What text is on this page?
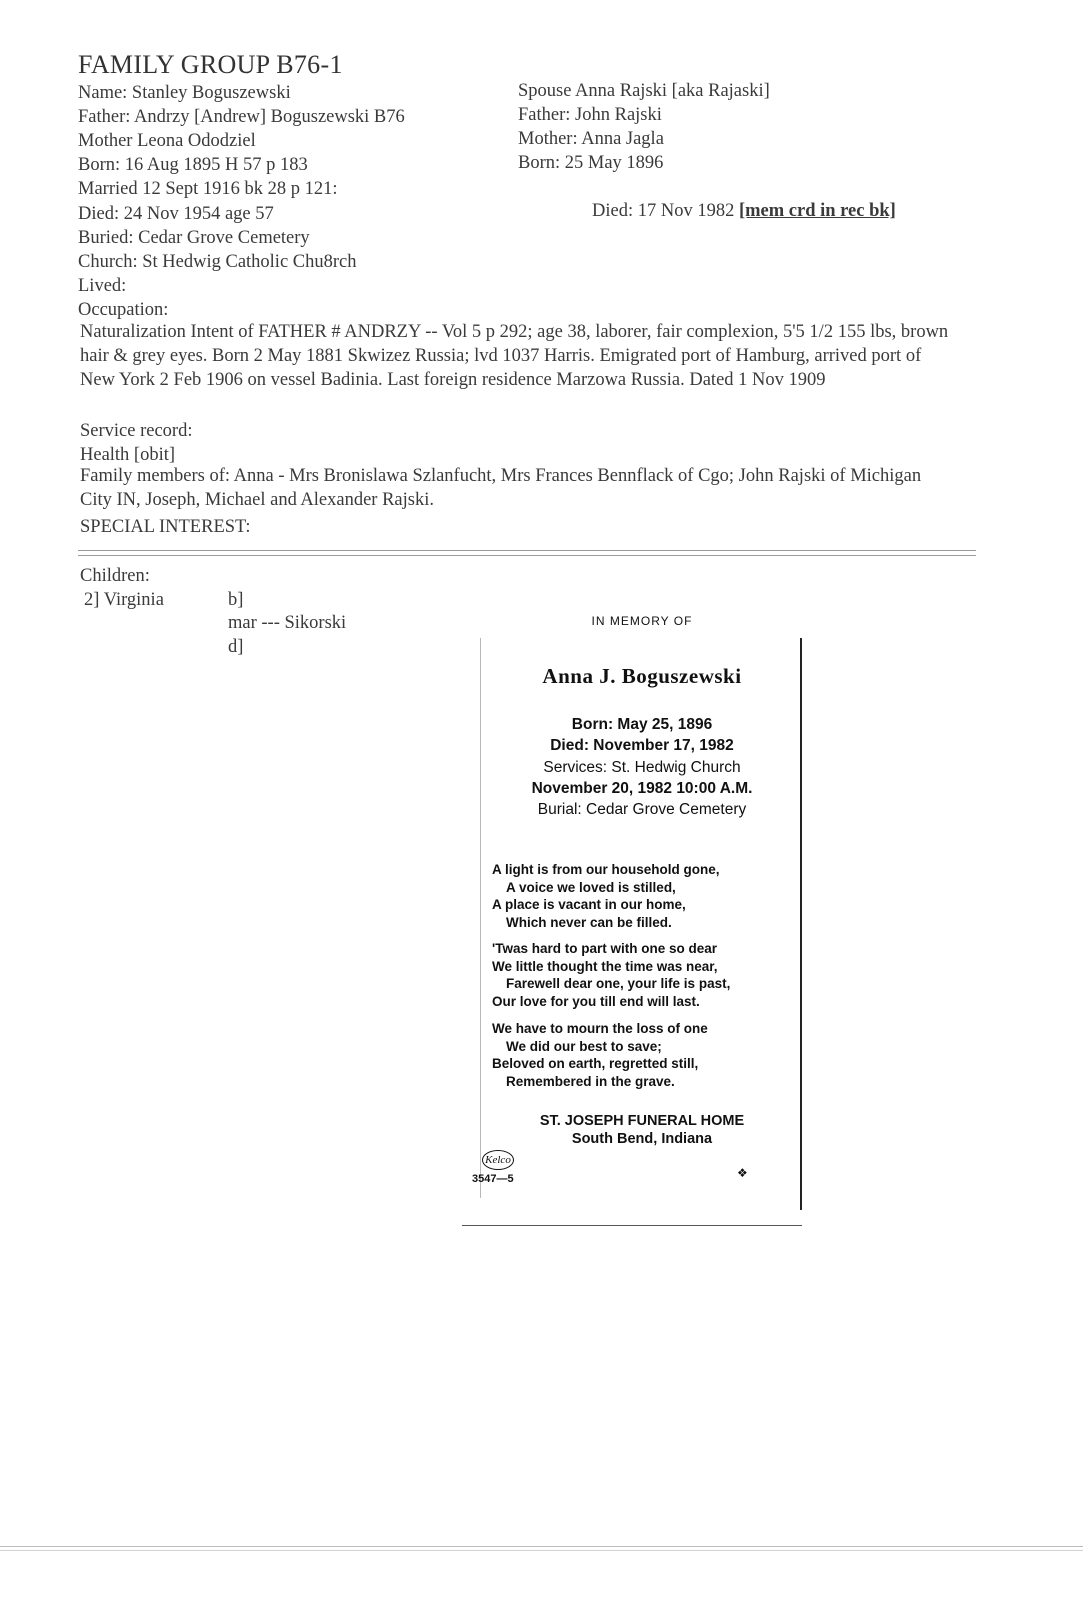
FAMILY GROUP B76-1
Name: Stanley Boguszewski
Father: Andrzy [Andrew] Boguszewski B76
Mother Leona Ododziel
Born: 16 Aug 1895 H 57 p 183
Married 12 Sept 1916 bk 28 p 121:
Died: 24 Nov 1954 age 57
Buried: Cedar Grove Cemetery
Church: St Hedwig Catholic Chu8rch
Lived:
Occupation:
Spouse Anna Rajski [aka Rajaski]
Father: John Rajski
Mother: Anna Jagla
Born: 25 May 1896
Died: 17 Nov 1982 [mem crd in rec bk]
Naturalization Intent of FATHER # ANDRZY -- Vol 5 p 292; age 38, laborer, fair complexion, 5'5 1/2 155 lbs, brown hair & grey eyes. Born 2 May 1881 Skwizez Russia; lvd 1037 Harris. Emigrated port of Hamburg, arrived port of New York 2 Feb 1906 on vessel Badinia. Last foreign residence Marzowa Russia. Dated 1 Nov 1909
Service record:
Health [obit]
Family members of: Anna - Mrs Bronislawa Szlanfucht, Mrs Frances Bennflack of Cgo; John Rajski of Michigan City IN, Joseph, Michael and Alexander Rajski.
SPECIAL INTEREST:
Children:
2] Virginia	b]
mar --- Sikorski
d]
IN MEMORY OF
Anna J. Boguszewski
Born: May 25, 1896
Died: November 17, 1982
Services: St. Hedwig Church
November 20, 1982 10:00 A.M.
Burial: Cedar Grove Cemetery
A light is from our household gone,
A voice we loved is stilled,
A place is vacant in our home,
Which never can be filled.
'Twas hard to part with one so dear
We little thought the time was near,
Farewell dear one, your life is past,
Our love for you till end will last.
We have to mourn the loss of one
We did our best to save;
Beloved on earth, regretted still,
Remembered in the grave.
ST. JOSEPH FUNERAL HOME
South Bend, Indiana
Kelco
3547—5	❖
